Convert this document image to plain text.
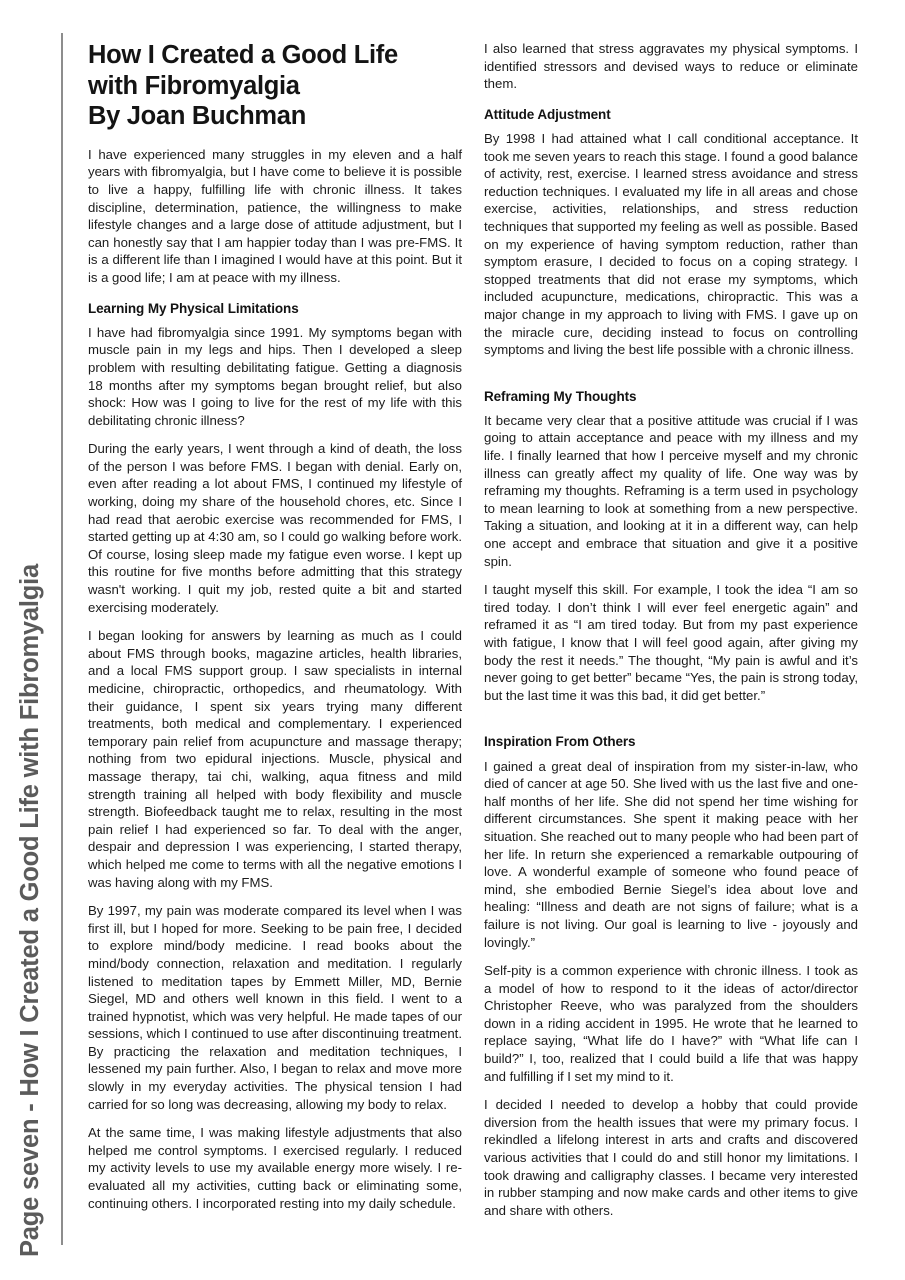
Page seven - How I Created a Good Life with Fibromyalgia
How I Created a Good Life
with Fibromyalgia
By Joan Buchman

I have experienced many struggles in my eleven and a half years with fibromyalgia, but I have come to believe it is possible to live a happy, fulfilling life with chronic illness. It takes discipline, determination, patience, the willingness to make lifestyle changes and a large dose of attitude adjustment, but I can honestly say that I am happier today than I was pre-FMS. It is a different life than I imagined I would have at this point. But it is a good life; I am at peace with my illness.

Learning My Physical Limitations

I have had fibromyalgia since 1991. My symptoms began with muscle pain in my legs and hips. Then I developed a sleep problem with resulting debilitating fatigue. Getting a diagnosis 18 months after my symptoms began brought relief, but also shock: How was I going to live for the rest of my life with this debilitating chronic illness?

During the early years, I went through a kind of death, the loss of the person I was before FMS. I began with denial. Early on, even after reading a lot about FMS, I continued my lifestyle of working, doing my share of the household chores, etc. Since I had read that aerobic exercise was recommended for FMS, I started getting up at 4:30 am, so I could go walking before work. Of course, losing sleep made my fatigue even worse. I kept up this routine for five months before admitting that this strategy wasn't working. I quit my job, rested quite a bit and started exercising moderately.

I began looking for answers by learning as much as I could about FMS through books, magazine articles, health libraries, and a local FMS support group. I saw specialists in internal medicine, chiropractic, orthopedics, and rheumatology. With their guidance, I spent six years trying many different treatments, both medical and complementary. I experienced temporary pain relief from acupuncture and massage therapy; nothing from two epidural injections. Muscle, physical and massage therapy, tai chi, walking, aqua fitness and mild strength training all helped with body flexibility and muscle strength. Biofeedback taught me to relax, resulting in the most pain relief I had experienced so far. To deal with the anger, despair and depression I was experiencing, I started therapy, which helped me come to terms with all the negative emotions I was having along with my FMS.

By 1997, my pain was moderate compared its level when I was first ill, but I hoped for more. Seeking to be pain free, I decided to explore mind/body medicine. I read books about the mind/body connection, relaxation and meditation. I regularly listened to meditation tapes by Emmett Miller, MD, Bernie Siegel, MD and others well known in this field. I went to a trained hypnotist, which was very helpful. He made tapes of our sessions, which I continued to use after discontinuing treatment. By practicing the relaxation and meditation techniques, I lessened my pain further. Also, I began to relax and move more slowly in my everyday activities. The physical tension I had carried for so long was decreasing, allowing my body to relax.

At the same time, I was making lifestyle adjustments that also helped me control symptoms. I exercised regularly. I reduced my activity levels to use my available energy more wisely. I re-evaluated all my activities, cutting back or eliminating some, continuing others. I incorporated resting into my daily schedule.

I also learned that stress aggravates my physical symptoms. I identified stressors and devised ways to reduce or eliminate them.

Attitude Adjustment

By 1998 I had attained what I call conditional acceptance. It took me seven years to reach this stage. I found a good balance of activity, rest, exercise. I learned stress avoidance and stress reduction techniques. I evaluated my life in all areas and chose exercise, activities, relationships, and stress reduction techniques that supported my feeling as well as possible. Based on my experience of having symptom reduction, rather than symptom erasure, I decided to focus on a coping strategy. I stopped treatments that did not erase my symptoms, which included acupuncture, medications, chiropractic. This was a major change in my approach to living with FMS. I gave up on the miracle cure, deciding instead to focus on controlling symptoms and living the best life possible with a chronic illness.

Reframing My Thoughts

It became very clear that a positive attitude was crucial if I was going to attain acceptance and peace with my illness and my life. I finally learned that how I perceive myself and my chronic illness can greatly affect my quality of life. One way was by reframing my thoughts. Reframing is a term used in psychology to mean learning to look at something from a new perspective. Taking a situation, and looking at it in a different way, can help one accept and embrace that situation and give it a positive spin.

I taught myself this skill. For example, I took the idea “I am so tired today. I don’t think I will ever feel energetic again” and reframed it as “I am tired today. But from my past experience with fatigue, I know that I will feel good again, after giving my body the rest it needs.” The thought, “My pain is awful and it’s never going to get better” became “Yes, the pain is strong today, but the last time it was this bad, it did get better.”

Inspiration From Others

I gained a great deal of inspiration from my sister-in-law, who died of cancer at age 50. She lived with us the last five and one-half months of her life. She did not spend her time wishing for different circumstances. She spent it making peace with her situation. She reached out to many people who had been part of her life. In return she experienced a remarkable outpouring of love. A wonderful example of someone who found peace of mind, she embodied Bernie Siegel’s idea about love and healing: “Illness and death are not signs of failure; what is a failure is not living. Our goal is learning to live - joyously and lovingly.”

Self-pity is a common experience with chronic illness. I took as a model of how to respond to it the ideas of actor/director Christopher Reeve, who was paralyzed from the shoulders down in a riding accident in 1995. He wrote that he learned to replace saying, “What life do I have?” with “What life can I build?” I, too, realized that I could build a life that was happy and fulfilling if I set my mind to it.

I decided I needed to develop a hobby that could provide diversion from the health issues that were my primary focus. I rekindled a lifelong interest in arts and crafts and discovered various activities that I could do and still honor my limitations. I took drawing and calligraphy classes. I became very interested in rubber stamping and now make cards and other items to give and share with others.
